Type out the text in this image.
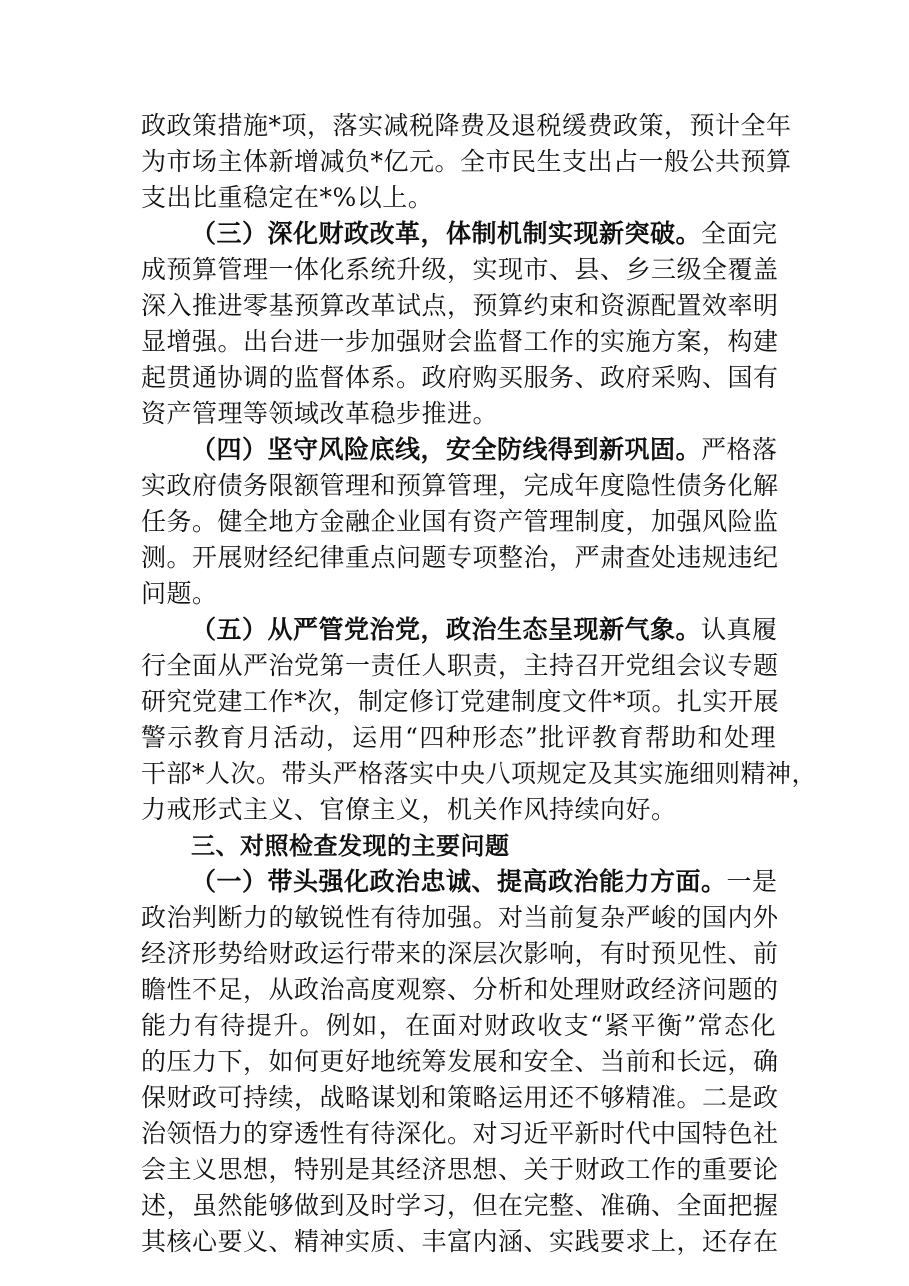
政政策措施*项，落实减税降费及退税缓费政策，预计全年
为市场主体新增减负*亿元。全市民生支出占一般公共预算
支出比重稳定在*%以上。
（三）深化财政改革，体制机制实现新突破。全面完
成预算管理一体化系统升级，实现市、县、乡三级全覆盖
深入推进零基预算改革试点，预算约束和资源配置效率明
显增强。出台进一步加强财会监督工作的实施方案，构建
起贯通协调的监督体系。政府购买服务、政府采购、国有
资产管理等领域改革稳步推进。
（四）坚守风险底线，安全防线得到新巩固。严格落
实政府债务限额管理和预算管理，完成年度隐性债务化解
任务。健全地方金融企业国有资产管理制度，加强风险监
测。开展财经纪律重点问题专项整治，严肃查处违规违纪
问题。
（五）从严管党治党，政治生态呈现新气象。认真履
行全面从严治党第一责任人职责，主持召开党组会议专题
研究党建工作*次，制定修订党建制度文件*项。扎实开展
警示教育月活动，运用“四种形态”批评教育帮助和处理
干部*人次。带头严格落实中央八项规定及其实施细则精神，
力戒形式主义、官僚主义，机关作风持续向好。
三、对照检查发现的主要问题
（一）带头强化政治忠诚、提高政治能力方面。一是
政治判断力的敏锐性有待加强。对当前复杂严峻的国内外
经济形势给财政运行带来的深层次影响，有时预见性、前
瞻性不足，从政治高度观察、分析和处理财政经济问题的
能力有待提升。例如，在面对财政收支“紧平衡”常态化
的压力下，如何更好地统筹发展和安全、当前和长远，确
保财政可持续，战略谋划和策略运用还不够精准。二是政
治领悟力的穿透性有待深化。对习近平新时代中国特色社
会主义思想，特别是其经济思想、关于财政工作的重要论
述，虽然能够做到及时学习，但在完整、准确、全面把握
其核心要义、精神实质、丰富内涵、实践要求上，还存在
